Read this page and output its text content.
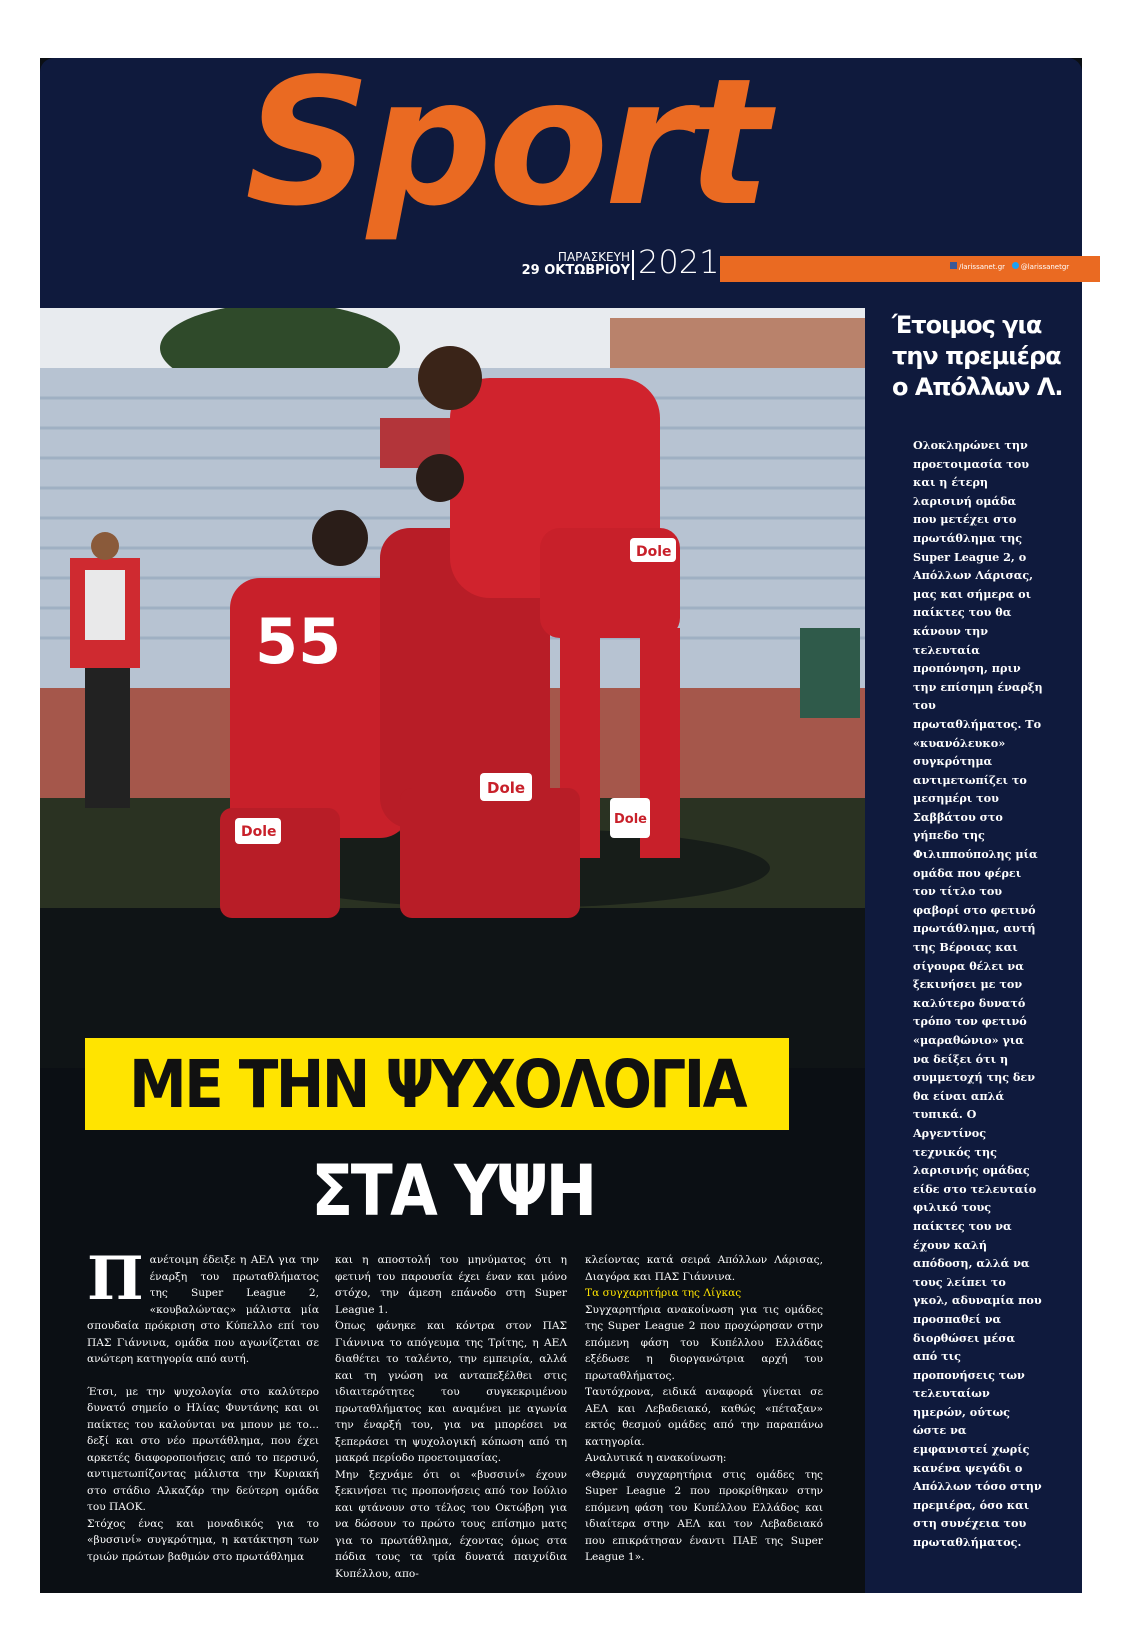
Sport
ΠΑΡΑΣΚΕΥΗ
29 ΟΚΤΩΒΡΙΟΥ 2021	/larissanet.gr @larissanetgr
55
Dole
Dole
Dole
Dole
Έτοιμος για την πρεμιέρα ο Απόλλων Λ.
Ολοκληρώνει την προετοιμασία του και η έτερη λαρισινή ομάδα που μετέχει στο πρωτάθλημα της Super League 2, ο Απόλλων Λάρισας, μας και σήμερα οι παίκτες του θα κάνουν την τελευταία προπόνηση, πριν την επίσημη έναρξη του πρωταθλήματος. Το «κυανόλευκο» συγκρότημα αντιμετωπίζει το μεσημέρι του Σαββάτου στο γήπεδο της Φιλιππούπολης μία ομάδα που φέρει τον τίτλο του φαβορί στο φετινό πρωτάθλημα, αυτή της Βέροιας και σίγουρα θέλει να ξεκινήσει με τον καλύτερο δυνατό τρόπο τον φετινό «μαραθώνιο» για να δείξει ότι η συμμετοχή της δεν θα είναι απλά τυπικά. Ο Αργεντίνος τεχνικός της λαρισινής ομάδας είδε στο τελευταίο φιλικό τους παίκτες του να έχουν καλή απόδοση, αλλά να τους λείπει το γκολ, αδυναμία που προσπαθεί να διορθώσει μέσα από τις προπονήσεις των τελευταίων ημερών, ούτως ώστε να εμφανιστεί χωρίς κανένα ψεγάδι ο Απόλλων τόσο στην πρεμιέρα, όσο και στη συνέχεια του πρωταθλήματος.
ΜΕ ΤΗΝ ΨΥΧΟΛΟΓΙΑ
ΣΤΑ ΥΨΗ
Π ανέτοιμη έδειξε η ΑΕΛ για την έναρξη του πρωταθλήματος της Super League 2, «κουβαλώντας» μάλιστα μία σπουδαία πρόκριση στο Κύπελλο επί του ΠΑΣ Γιάννινα, ομάδα που αγωνίζεται σε ανώτερη κατηγορία από αυτή.

Έτσι, με την ψυχολογία στο καλύτερο δυνατό σημείο ο Ηλίας Φυντάνης και οι παίκτες του καλούνται να μπουν με το... δεξί και στο νέο πρωτάθλημα, που έχει αρκετές διαφοροποιήσεις από το περσινό, αντιμετωπίζοντας μάλιστα την Κυριακή στο στάδιο Αλκαζάρ την δεύτερη ομάδα του ΠΑΟΚ.

Στόχος ένας και μοναδικός για το «βυσσινί» συγκρότημα, η κατάκτηση των τριών πρώτων βαθμών στο πρωτάθλημα

και η αποστολή του μηνύματος ότι η φετινή του παρουσία έχει έναν και μόνο στόχο, την άμεση επάνοδο στη Super League 1.

Όπως φάνηκε και κόντρα στον ΠΑΣ Γιάννινα το απόγευμα της Τρίτης, η ΑΕΛ διαθέτει το ταλέντο, την εμπειρία, αλλά και τη γνώση να ανταπεξέλθει στις ιδιαιτερότητες του συγκεκριμένου πρωταθλήματος και αναμένει με αγωνία την έναρξή του, για να μπορέσει να ξεπεράσει τη ψυχολογική κόπωση από τη μακρά περίοδο προετοιμασίας.

Μην ξεχνάμε ότι οι «βυσσινί» έχουν ξεκινήσει τις προπονήσεις από τον Ιούλιο και φτάνουν στο τέλος του Οκτώβρη για να δώσουν το πρώτο τους επίσημο ματς για το πρωτάθλημα, έχοντας όμως στα πόδια τους τα τρία δυνατά παιχνίδια Κυπέλλου, απο-

κλείοντας κατά σειρά Απόλλων Λάρισας, Διαγόρα και ΠΑΣ Γιάννινα.

Τα συγχαρητήρια της Λίγκας

Συγχαρητήρια ανακοίνωση για τις ομάδες της Super League 2 που προχώρησαν στην επόμενη φάση του Κυπέλλου Ελλάδας εξέδωσε η διοργανώτρια αρχή του πρωταθλήματος.

Ταυτόχρονα, ειδικά αναφορά γίνεται σε ΑΕΛ και Λεβαδειακό, καθώς «πέταξαν» εκτός θεσμού ομάδες από την παραπάνω κατηγορία.

Αναλυτικά η ανακοίνωση:

«Θερμά συγχαρητήρια στις ομάδες της Super League 2 που προκρίθηκαν στην επόμενη φάση του Κυπέλλου Ελλάδος και ιδιαίτερα στην ΑΕΛ και τον Λεβαδειακό που επικράτησαν έναντι ΠΑΕ της Super League 1».
